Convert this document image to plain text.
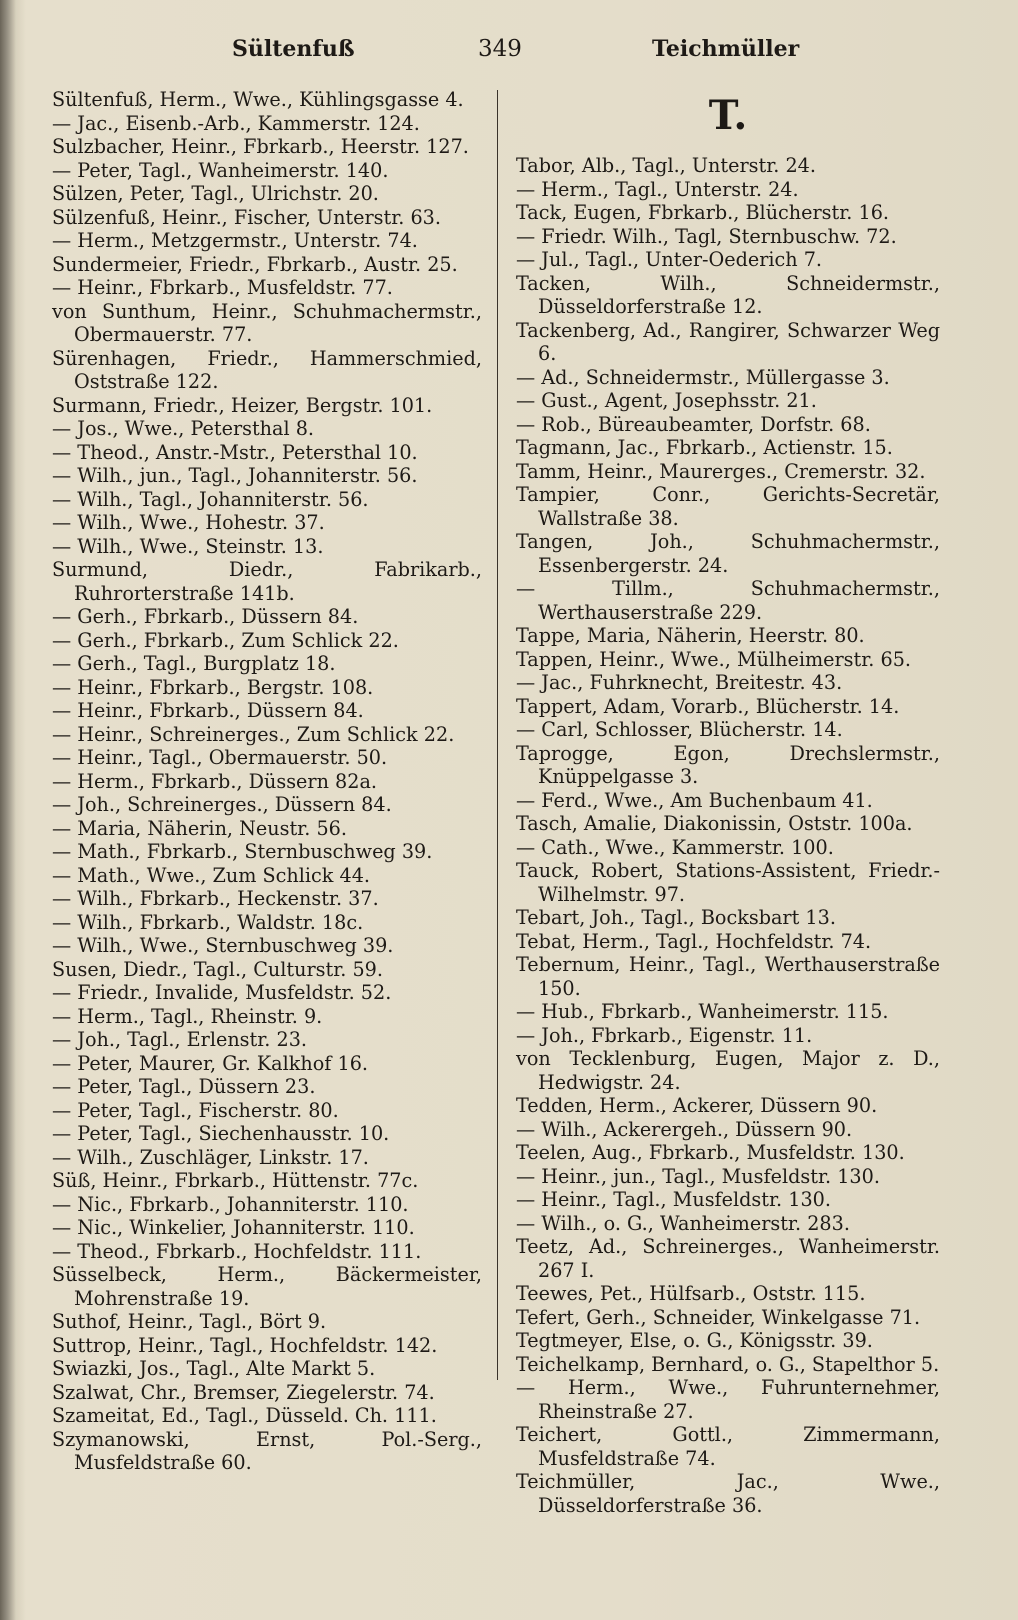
Sültenfuß	349	Teichmüller

Sültenfuß, Herm., Wwe., Kühlingsgasse 4.

— Jac., Eisenb.-Arb., Kammerstr. 124.

Sulzbacher, Heinr., Fbrkarb., Heerstr. 127.

— Peter, Tagl., Wanheimerstr. 140.

Sülzen, Peter, Tagl., Ulrichstr. 20.

Sülzenfuß, Heinr., Fischer, Unterstr. 63.

— Herm., Metzgermstr., Unterstr. 74.

Sundermeier, Friedr., Fbrkarb., Austr. 25.

— Heinr., Fbrkarb., Musfeldstr. 77.

von Sunthum, Heinr., Schuhmachermstr., Obermauerstr. 77.

Sürenhagen, Friedr., Hammerschmied, Oststraße 122.

Surmann, Friedr., Heizer, Bergstr. 101.

— Jos., Wwe., Petersthal 8.

— Theod., Anstr.-Mstr., Petersthal 10.

— Wilh., jun., Tagl., Johanniterstr. 56.

— Wilh., Tagl., Johanniterstr. 56.

— Wilh., Wwe., Hohestr. 37.

— Wilh., Wwe., Steinstr. 13.

Surmund, Diedr., Fabrikarb., Ruhrorterstraße 141b.

— Gerh., Fbrkarb., Düssern 84.

— Gerh., Fbrkarb., Zum Schlick 22.

— Gerh., Tagl., Burgplatz 18.

— Heinr., Fbrkarb., Bergstr. 108.

— Heinr., Fbrkarb., Düssern 84.

— Heinr., Schreinerges., Zum Schlick 22.

— Heinr., Tagl., Obermauerstr. 50.

— Herm., Fbrkarb., Düssern 82a.

— Joh., Schreinerges., Düssern 84.

— Maria, Näherin, Neustr. 56.

— Math., Fbrkarb., Sternbuschweg 39.

— Math., Wwe., Zum Schlick 44.

— Wilh., Fbrkarb., Heckenstr. 37.

— Wilh., Fbrkarb., Waldstr. 18c.

— Wilh., Wwe., Sternbuschweg 39.

Susen, Diedr., Tagl., Culturstr. 59.

— Friedr., Invalide, Musfeldstr. 52.

— Herm., Tagl., Rheinstr. 9.

— Joh., Tagl., Erlenstr. 23.

— Peter, Maurer, Gr. Kalkhof 16.

— Peter, Tagl., Düssern 23.

— Peter, Tagl., Fischerstr. 80.

— Peter, Tagl., Siechenhausstr. 10.

— Wilh., Zuschläger, Linkstr. 17.

Süß, Heinr., Fbrkarb., Hüttenstr. 77c.

— Nic., Fbrkarb., Johanniterstr. 110.

— Nic., Winkelier, Johanniterstr. 110.

— Theod., Fbrkarb., Hochfeldstr. 111.

Süsselbeck, Herm., Bäckermeister, Mohrenstraße 19.

Suthof, Heinr., Tagl., Bört 9.

Suttrop, Heinr., Tagl., Hochfeldstr. 142.

Swiazki, Jos., Tagl., Alte Markt 5.

Szalwat, Chr., Bremser, Ziegelerstr. 74.

Szameitat, Ed., Tagl., Düsseld. Ch. 111.

Szymanowski, Ernst, Pol.-Serg., Musfeldstraße 60.

T.

Tabor, Alb., Tagl., Unterstr. 24.

— Herm., Tagl., Unterstr. 24.

Tack, Eugen, Fbrkarb., Blücherstr. 16.

— Friedr. Wilh., Tagl, Sternbuschw. 72.

— Jul., Tagl., Unter-Oederich 7.

Tacken, Wilh., Schneidermstr., Düsseldorferstraße 12.

Tackenberg, Ad., Rangirer, Schwarzer Weg 6.

— Ad., Schneidermstr., Müllergasse 3.

— Gust., Agent, Josephsstr. 21.

— Rob., Büreaubeamter, Dorfstr. 68.

Tagmann, Jac., Fbrkarb., Actienstr. 15.

Tamm, Heinr., Maurerges., Cremerstr. 32.

Tampier, Conr., Gerichts-Secretär, Wallstraße 38.

Tangen, Joh., Schuhmachermstr., Essenbergerstr. 24.

— Tillm., Schuhmachermstr., Werthauserstraße 229.

Tappe, Maria, Näherin, Heerstr. 80.

Tappen, Heinr., Wwe., Mülheimerstr. 65.

— Jac., Fuhrknecht, Breitestr. 43.

Tappert, Adam, Vorarb., Blücherstr. 14.

— Carl, Schlosser, Blücherstr. 14.

Taprogge, Egon, Drechslermstr., Knüppelgasse 3.

— Ferd., Wwe., Am Buchenbaum 41.

Tasch, Amalie, Diakonissin, Oststr. 100a.

— Cath., Wwe., Kammerstr. 100.

Tauck, Robert, Stations-Assistent, Friedr.-Wilhelmstr. 97.

Tebart, Joh., Tagl., Bocksbart 13.

Tebat, Herm., Tagl., Hochfeldstr. 74.

Tebernum, Heinr., Tagl., Werthauserstraße 150.

— Hub., Fbrkarb., Wanheimerstr. 115.

— Joh., Fbrkarb., Eigenstr. 11.

von Tecklenburg, Eugen, Major z. D., Hedwigstr. 24.

Tedden, Herm., Ackerer, Düssern 90.

— Wilh., Ackerergeh., Düssern 90.

Teelen, Aug., Fbrkarb., Musfeldstr. 130.

— Heinr., jun., Tagl., Musfeldstr. 130.

— Heinr., Tagl., Musfeldstr. 130.

— Wilh., o. G., Wanheimerstr. 283.

Teetz, Ad., Schreinerges., Wanheimerstr. 267 I.

Teewes, Pet., Hülfsarb., Oststr. 115.

Tefert, Gerh., Schneider, Winkelgasse 71.

Tegtmeyer, Else, o. G., Königsstr. 39.

Teichelkamp, Bernhard, o. G., Stapelthor 5.

— Herm., Wwe., Fuhrunternehmer, Rheinstraße 27.

Teichert, Gottl., Zimmermann, Musfeldstraße 74.

Teichmüller, Jac., Wwe., Düsseldorferstraße 36.
